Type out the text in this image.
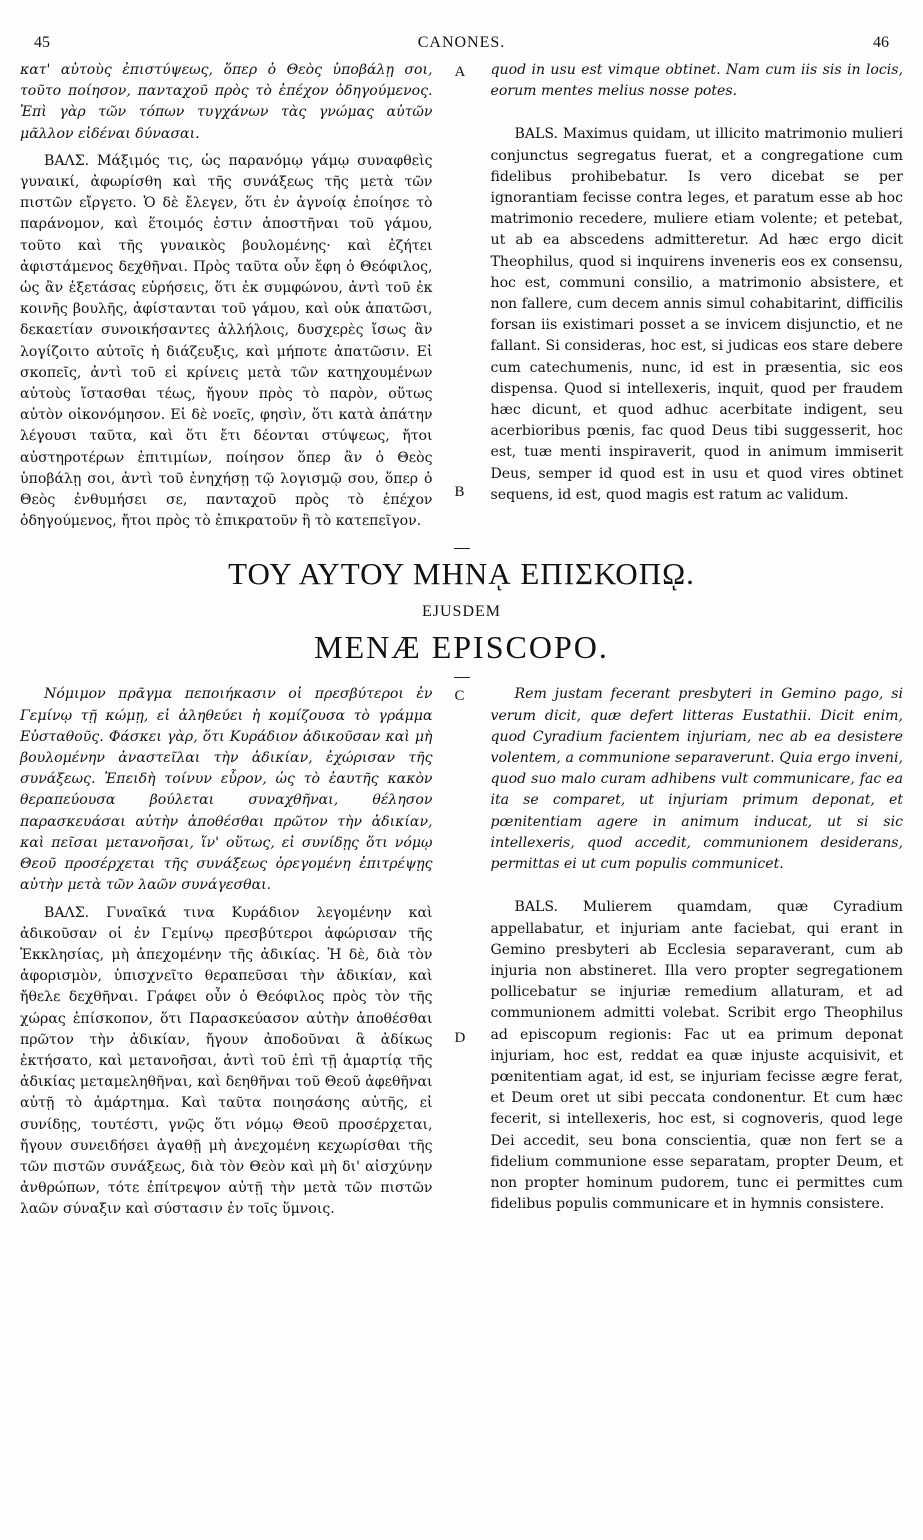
45	CANONES.	46

κατ' αὐτοὺς ἐπιστύψεως, ὅπερ ὁ Θεὸς ὑποβάλῃ σοι, τοῦτο ποίησον, πανταχοῦ πρὸς τὸ ἐπέχον ὁδηγούμενος. Ἐπὶ γὰρ τῶν τόπων τυγχάνων τὰς γνώμας αὐτῶν μᾶλλον εἰδέναι δύνασαι.

ΒΑΛΣ. Μάξιμός τις, ὡς παρανόμῳ γάμῳ συναφθεὶς γυναικί, ἀφωρίσθη καὶ τῆς συνάξεως τῆς μετὰ τῶν πιστῶν εἴργετο. Ὁ δὲ ἔλεγεν, ὅτι ἐν ἀγνοίᾳ ἐποίησε τὸ παράνομον, καὶ ἕτοιμός ἐστιν ἀποστῆναι τοῦ γάμου, τοῦτο καὶ τῆς γυναικὸς βουλομένης· καὶ ἐζήτει ἀφιστάμενος δεχθῆναι. Πρὸς ταῦτα οὖν ἔφη ὁ Θεόφιλος, ὡς ἂν ἐξετάσας εὑρήσεις, ὅτι ἐκ συμφώνου, ἀντὶ τοῦ ἐκ κοινῆς βουλῆς, ἀφίστανται τοῦ γάμου, καὶ οὐκ ἀπατῶσι, δεκαετίαν συνοικήσαντες ἀλλήλοις, δυσχερὲς ἴσως ἂν λογίζοιτο αὐτοῖς ἡ διάζευξις, καὶ μήποτε ἀπατῶσιν. Εἰ σκοπεῖς, ἀντὶ τοῦ εἰ κρίνεις μετὰ τῶν κατηχουμένων αὐτοὺς ἵστασθαι τέως, ἤγουν πρὸς τὸ παρὸν, οὕτως αὐτὸν οἰκονόμησον. Εἰ δὲ νοεῖς, φησὶν, ὅτι κατὰ ἀπάτην λέγουσι ταῦτα, καὶ ὅτι ἔτι δέονται στύψεως, ἤτοι αὐστηροτέρων ἐπιτιμίων, ποίησον ὅπερ ἂν ὁ Θεὸς ὑποβάλῃ σοι, ἀντὶ τοῦ ἐνηχήσῃ τῷ λογισμῷ σου, ὅπερ ὁ Θεὸς ἐνθυμήσει σε, πανταχοῦ πρὸς τὸ ἐπέχον ὁδηγούμενος, ἤτοι πρὸς τὸ ἐπικρατοῦν ἢ τὸ κατεπεῖγον.

A
B

quod in usu est vimque obtinet. Nam cum iis sis in locis, eorum mentes melius nosse potes.

BALS. Maximus quidam, ut illicito matrimonio mulieri conjunctus segregatus fuerat, et a congregatione cum fidelibus prohibebatur. Is vero dicebat se per ignorantiam fecisse contra leges, et paratum esse ab hoc matrimonio recedere, muliere etiam volente; et petebat, ut ab ea abscedens admitteretur. Ad hæc ergo dicit Theophilus, quod si inquirens inveneris eos ex consensu, hoc est, communi consilio, a matrimonio absistere, et non fallere, cum decem annis simul cohabitarint, difficilis forsan iis existimari posset a se invicem disjunctio, et ne fallant. Si consideras, hoc est, si judicas eos stare debere cum catechumenis, nunc, id est in præsentia, sic eos dispensa. Quod si intellexeris, inquit, quod per fraudem hæc dicunt, et quod adhuc acerbitate indigent, seu acerbioribus pœnis, fac quod Deus tibi suggesserit, hoc est, tuæ menti inspiraverit, quod in animum immiserit Deus, semper id quod est in usu et quod vires obtinet sequens, id est, quod magis est ratum ac validum.

ΤΟΥ ΑΥΤΟΥ ΜΗΝᾼ ΕΠΙΣΚΟΠῼ.
EJUSDEM
MENÆ EPISCOPO.

Νόμιμον πρᾶγμα πεποιήκασιν οἱ πρεσβύτεροι ἐν Γεμίνῳ τῇ κώμῃ, εἰ ἀληθεύει ἡ κομίζουσα τὸ γράμμα Εὐσταθοῦς. Φάσκει γὰρ, ὅτι Κυράδιον ἀδικοῦσαν καὶ μὴ βουλομένην ἀναστεῖλαι τὴν ἀδικίαν, ἐχώρισαν τῆς συνάξεως. Ἐπειδὴ τοίνυν εὗρον, ὡς τὸ ἑαυτῆς κακὸν θεραπεύουσα βούλεται συναχθῆναι, θέλησον παρασκευάσαι αὐτὴν ἀποθέσθαι πρῶτον τὴν ἀδικίαν, καὶ πεῖσαι μετανοῆσαι, ἵν' οὕτως, εἰ συνίδῃς ὅτι νόμῳ Θεοῦ προσέρχεται τῆς συνάξεως ὀρεγομένη ἐπιτρέψῃς αὐτὴν μετὰ τῶν λαῶν συνάγεσθαι.

ΒΑΛΣ. Γυναῖκά τινα Κυράδιον λεγομένην καὶ ἀδικοῦσαν οἱ ἐν Γεμίνῳ πρεσβύτεροι ἀφώρισαν τῆς Ἐκκλησίας, μὴ ἀπεχομένην τῆς ἀδικίας. Ἡ δὲ, διὰ τὸν ἀφορισμὸν, ὑπισχνεῖτο θεραπεῦσαι τὴν ἀδικίαν, καὶ ἤθελε δεχθῆναι. Γράφει οὖν ὁ Θεόφιλος πρὸς τὸν τῆς χώρας ἐπίσκοπον, ὅτι Παρασκεύασον αὐτὴν ἀποθέσθαι πρῶτον τὴν ἀδικίαν, ἤγουν ἀποδοῦναι ἃ ἀδίκως ἐκτήσατο, καὶ μετανοῆσαι, ἀντὶ τοῦ ἐπὶ τῇ ἁμαρτίᾳ τῆς ἀδικίας μεταμεληθῆναι, καὶ δεηθῆναι τοῦ Θεοῦ ἀφεθῆναι αὐτῇ τὸ ἁμάρτημα. Καὶ ταῦτα ποιησάσης αὐτῆς, εἰ συνίδῃς, τουτέστι, γνῷς ὅτι νόμῳ Θεοῦ προσέρχεται, ἤγουν συνειδήσει ἀγαθῇ μὴ ἀνεχομένη κεχωρίσθαι τῆς τῶν πιστῶν συνάξεως, διὰ τὸν Θεὸν καὶ μὴ δι' αἰσχύνην ἀνθρώπων, τότε ἐπίτρεψον αὐτῇ τὴν μετὰ τῶν πιστῶν λαῶν σύναξιν καὶ σύστασιν ἐν τοῖς ὕμνοις.

C
D

Rem justam fecerant presbyteri in Gemino pago, si verum dicit, quæ defert litteras Eustathii. Dicit enim, quod Cyradium facientem injuriam, nec ab ea desistere volentem, a communione separaverunt. Quia ergo inveni, quod suo malo curam adhibens vult communicare, fac ea ita se comparet, ut injuriam primum deponat, et pœnitentiam agere in animum inducat, ut si sic intellexeris, quod accedit, communionem desiderans, permittas ei ut cum populis communicet.

BALS. Mulierem quamdam, quæ Cyradium appellabatur, et injuriam ante faciebat, qui erant in Gemino presbyteri ab Ecclesia separaverant, cum ab injuria non abstineret. Illa vero propter segregationem pollicebatur se injuriæ remedium allaturam, et ad communionem admitti volebat. Scribit ergo Theophilus ad episcopum regionis: Fac ut ea primum deponat injuriam, hoc est, reddat ea quæ injuste acquisivit, et pœnitentiam agat, id est, se injuriam fecisse ægre ferat, et Deum oret ut sibi peccata condonentur. Et cum hæc fecerit, si intellexeris, hoc est, si cognoveris, quod lege Dei accedit, seu bona conscientia, quæ non fert se a fidelium communione esse separatam, propter Deum, et non propter hominum pudorem, tunc ei permittes cum fidelibus populis communicare et in hymnis consistere.
